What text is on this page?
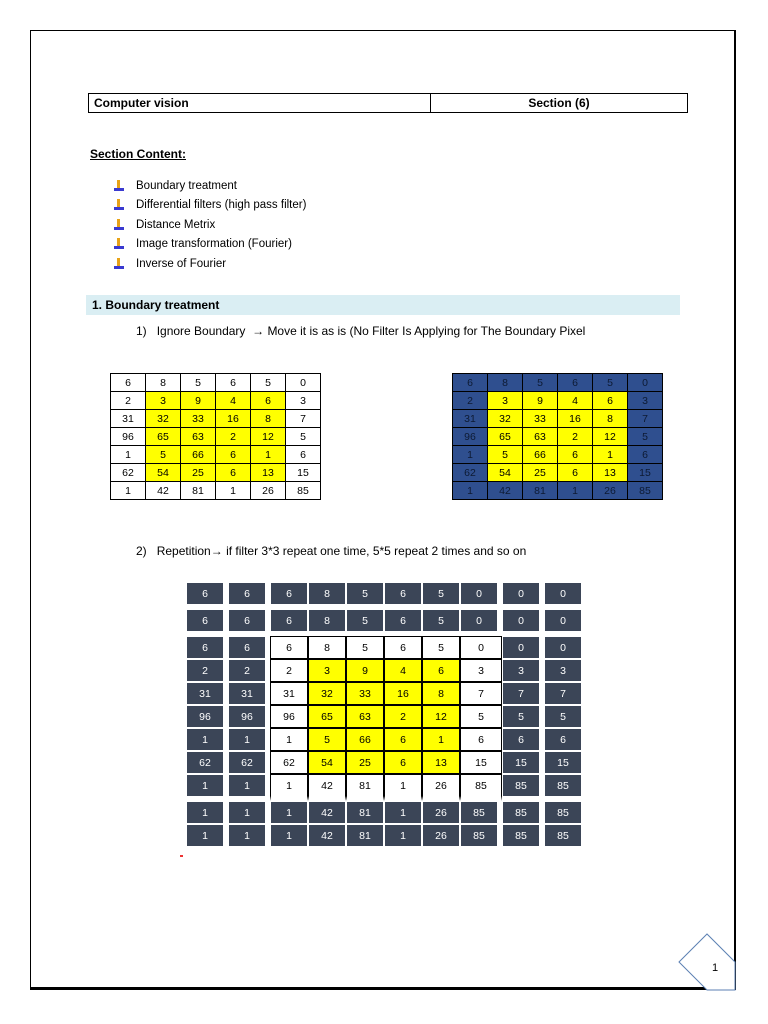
Computer vision	Section (6)
Section Content:
Boundary treatment
Differential filters (high pass filter)
Distance Metrix
Image transformation (Fourier)
Inverse of Fourier
1. Boundary treatment
1) Ignore Boundary → Move it is as is (No Filter Is Applying for The Boundary Pixel
6	8	5	6	5	0
2	3	9	4	6	3
31	32	33	16	8	7
96	65	63	2	12	5
1	5	66	6	1	6
62	54	25	6	13	15
1	42	81	1	26	85
6	8	5	6	5	0
2	3	9	4	6	3
31	32	33	16	8	7
96	65	63	2	12	5
1	5	66	6	1	6
62	54	25	6	13	15
1	42	81	1	26	85
2) Repetition→ if filter 3*3 repeat one time, 5*5 repeat 2 times and so on
6	6	6	8	5	6	5	0	0	0
6	6	6	8	5	6	5	0	0	0
6	6	6	8	5	6	5	0	0	0
2	2	2	3	9	4	6	3	3	3
31	31	31	32	33	16	8	7	7	7
96	96	96	65	63	2	12	5	5	5
1	1	1	5	66	6	1	6	6	6
62	62	62	54	25	6	13	15	15	15
1	1	1	42	81	1	26	85	85	85
1	1	1	42	81	1	26	85	85	85
1	1	1	42	81	1	26	85	85	85
1
